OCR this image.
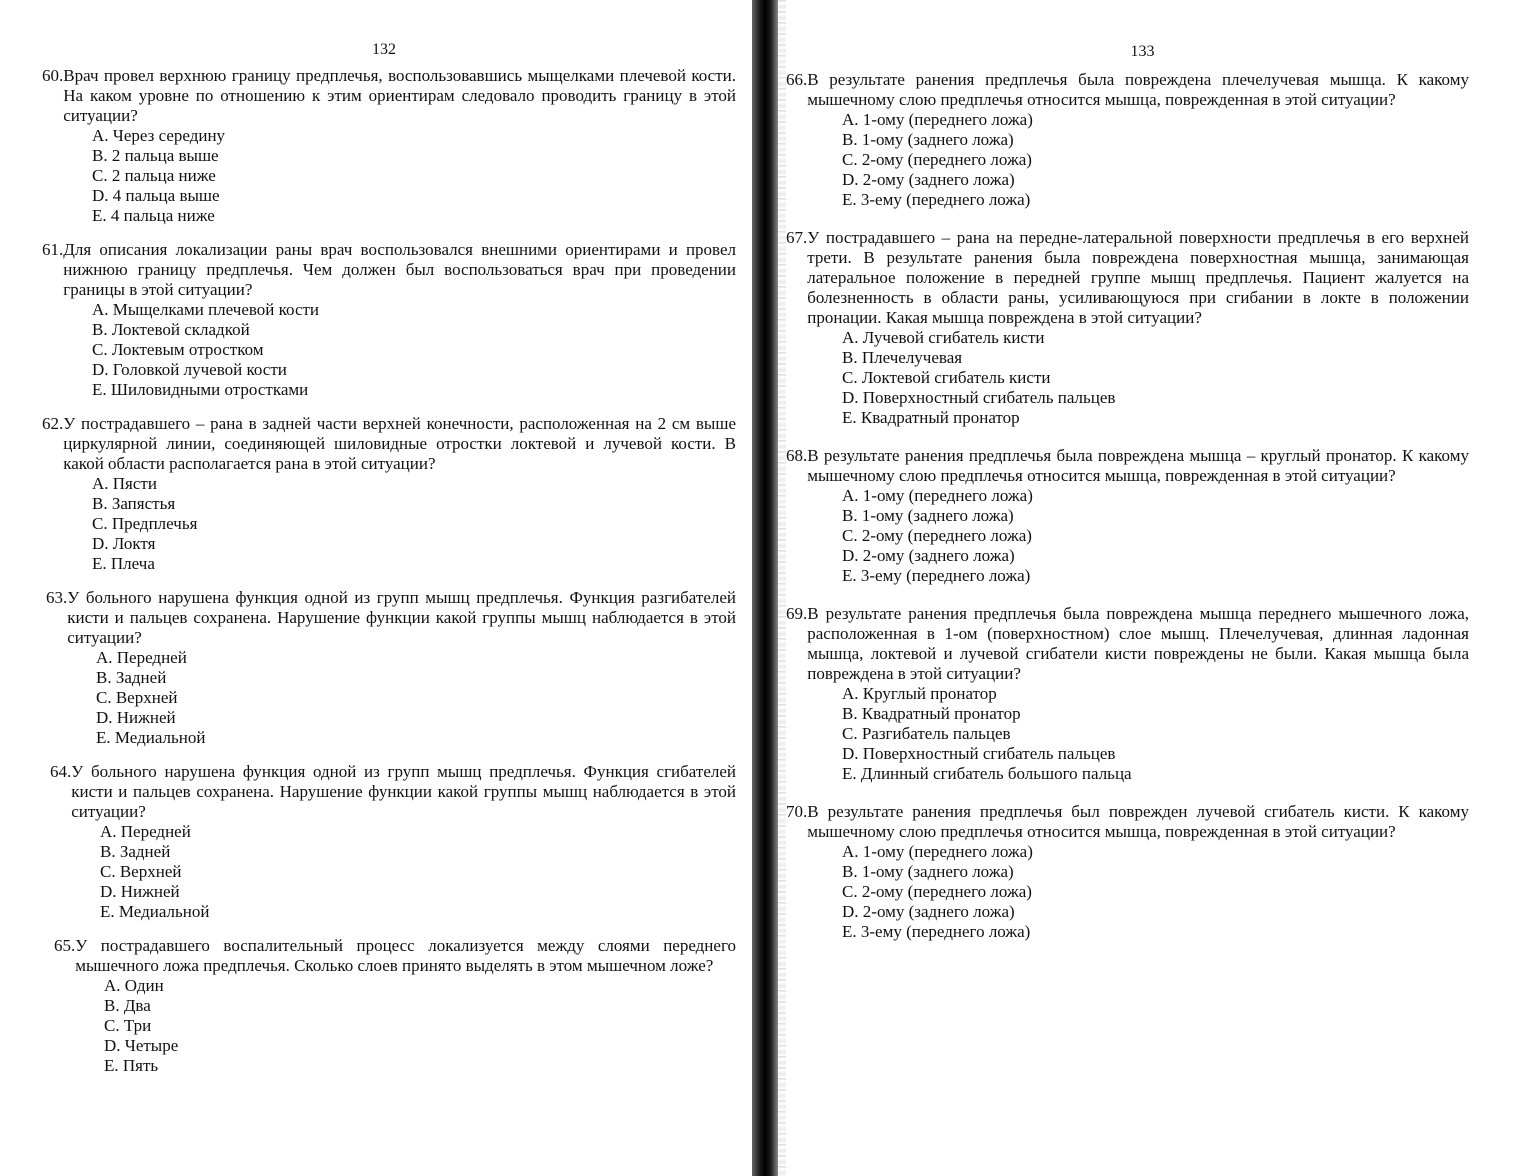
132
60. Врач провел верхнюю границу предплечья, воспользовавшись мыщелками плечевой кости. На каком уровне по отношению к этим ориентирам следовало проводить границу в этой ситуации?
А. Через середину
В. 2 пальца выше
С. 2 пальца ниже
D. 4 пальца выше
Е. 4 пальца ниже
61. Для описания локализации раны врач воспользовался внешними ориентирами и провел нижнюю границу предплечья. Чем должен был воспользоваться врач при проведении границы в этой ситуации?
А. Мыщелками плечевой кости
В. Локтевой складкой
С. Локтевым отростком
D. Головкой лучевой кости
Е. Шиловидными отростками
62. У пострадавшего – рана в задней части верхней конечности, расположенная на 2 см выше циркулярной линии, соединяющей шиловидные отростки локтевой и лучевой кости. В какой области располагается рана в этой ситуации?
А. Пясти
В. Запястья
С. Предплечья
D. Локтя
Е. Плеча
63. У больного нарушена функция одной из групп мышц предплечья. Функция разгибателей кисти и пальцев сохранена. Нарушение функции какой группы мышц наблюдается в этой ситуации?
А. Передней
В. Задней
С. Верхней
D. Нижней
Е. Медиальной
64. У больного нарушена функция одной из групп мышц предплечья. Функция сгибателей кисти и пальцев сохранена. Нарушение функции какой группы мышц наблюдается в этой ситуации?
А. Передней
В. Задней
С. Верхней
D. Нижней
Е. Медиальной
65. У пострадавшего воспалительный процесс локализуется между слоями переднего мышечного ложа предплечья. Сколько слоев принято выделять в этом мышечном ложе?
А. Один
В. Два
С. Три
D. Четыре
Е. Пять
133
66. В результате ранения предплечья была повреждена плечелучевая мышца. К какому мышечному слою предплечья относится мышца, поврежденная в этой ситуации?
А. 1-ому (переднего ложа)
В. 1-ому (заднего ложа)
С. 2-ому (переднего ложа)
D. 2-ому (заднего ложа)
Е. 3-ему (переднего ложа)
67. У пострадавшего – рана на передне-латеральной поверхности предплечья в его верхней трети. В результате ранения была повреждена поверхностная мышца, занимающая латеральное положение в передней группе мышц предплечья. Пациент жалуется на болезненность в области раны, усиливающуюся при сгибании в локте в положении пронации. Какая мышца повреждена в этой ситуации?
А. Лучевой сгибатель кисти
В. Плечелучевая
С. Локтевой сгибатель кисти
D. Поверхностный сгибатель пальцев
Е. Квадратный пронатор
68. В результате ранения предплечья была повреждена мышца – круглый пронатор. К какому мышечному слою предплечья относится мышца, поврежденная в этой ситуации?
А. 1-ому (переднего ложа)
В. 1-ому (заднего ложа)
С. 2-ому (переднего ложа)
D. 2-ому (заднего ложа)
Е. 3-ему (переднего ложа)
69. В результате ранения предплечья была повреждена мышца переднего мышечного ложа, расположенная в 1-ом (поверхностном) слое мышц. Плечелучевая, длинная ладонная мышца, локтевой и лучевой сгибатели кисти повреждены не были. Какая мышца была повреждена в этой ситуации?
А. Круглый пронатор
В. Квадратный пронатор
С. Разгибатель пальцев
D. Поверхностный сгибатель пальцев
Е. Длинный сгибатель большого пальца
70. В результате ранения предплечья был поврежден лучевой сгибатель кисти. К какому мышечному слою предплечья относится мышца, поврежденная в этой ситуации?
А. 1-ому (переднего ложа)
В. 1-ому (заднего ложа)
С. 2-ому (переднего ложа)
D. 2-ому (заднего ложа)
Е. 3-ему (переднего ложа)
